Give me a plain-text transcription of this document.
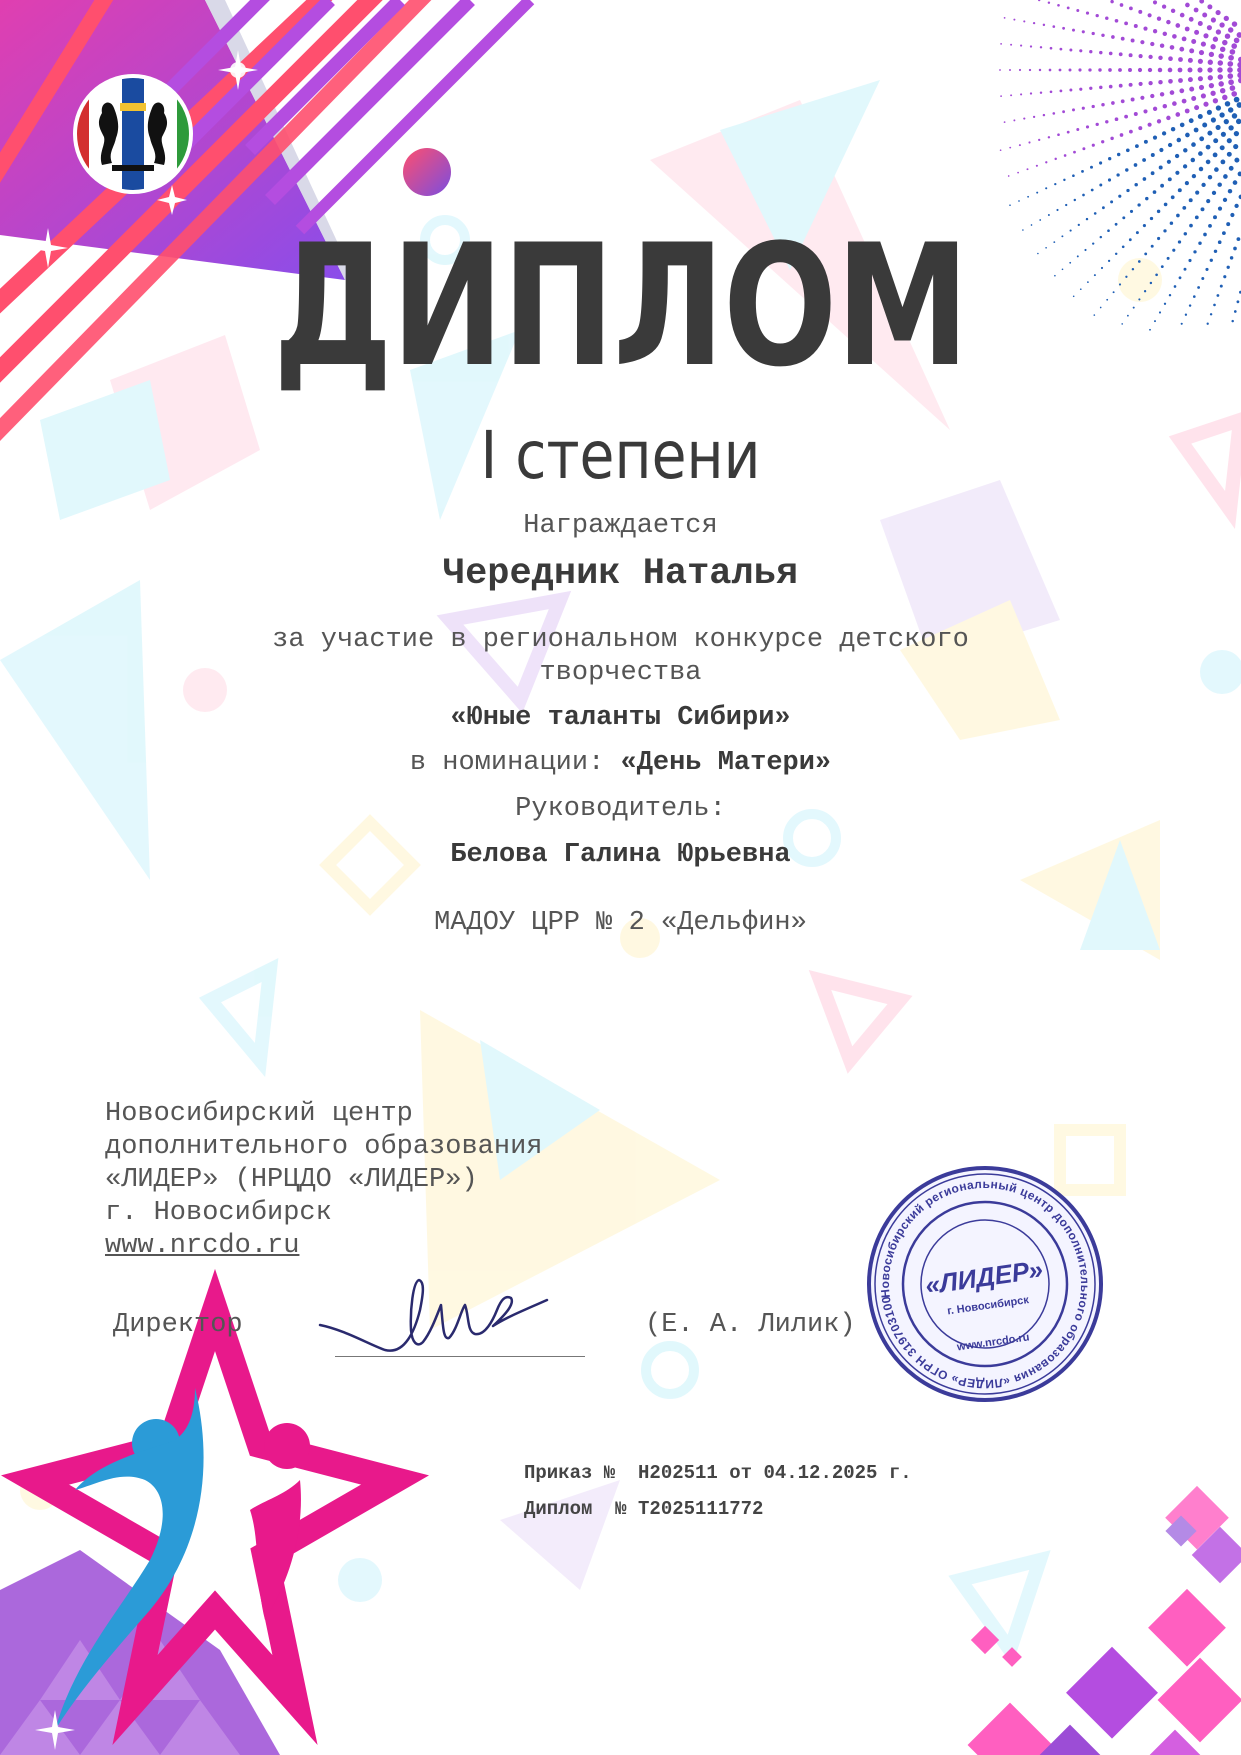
Новосибирский региональный центр дополнительного образования «ЛИДЕР» ОГРН 319703100086154
«ЛИДЕР»
г. Новосибирск
www.nrcdo.ru
ДИПЛОМ
I степени
Награждается
Чередник Наталья
за участие в региональном конкурсе детского творчества
«Юные таланты Сибири»
в номинации: «День Матери»
Руководитель:
Белова Галина Юрьевна
МАДОУ ЦРР № 2 «Дельфин»
Новосибирский центр
дополнительного образования
«ЛИДЕР» (НРЦДО «ЛИДЕР»)
г. Новосибирск
www.nrcdo.ru
Директор	(Е. А. Лилик)
Приказ №  Н202511 от 04.12.2025 г.
Диплом  № Т2025111772
